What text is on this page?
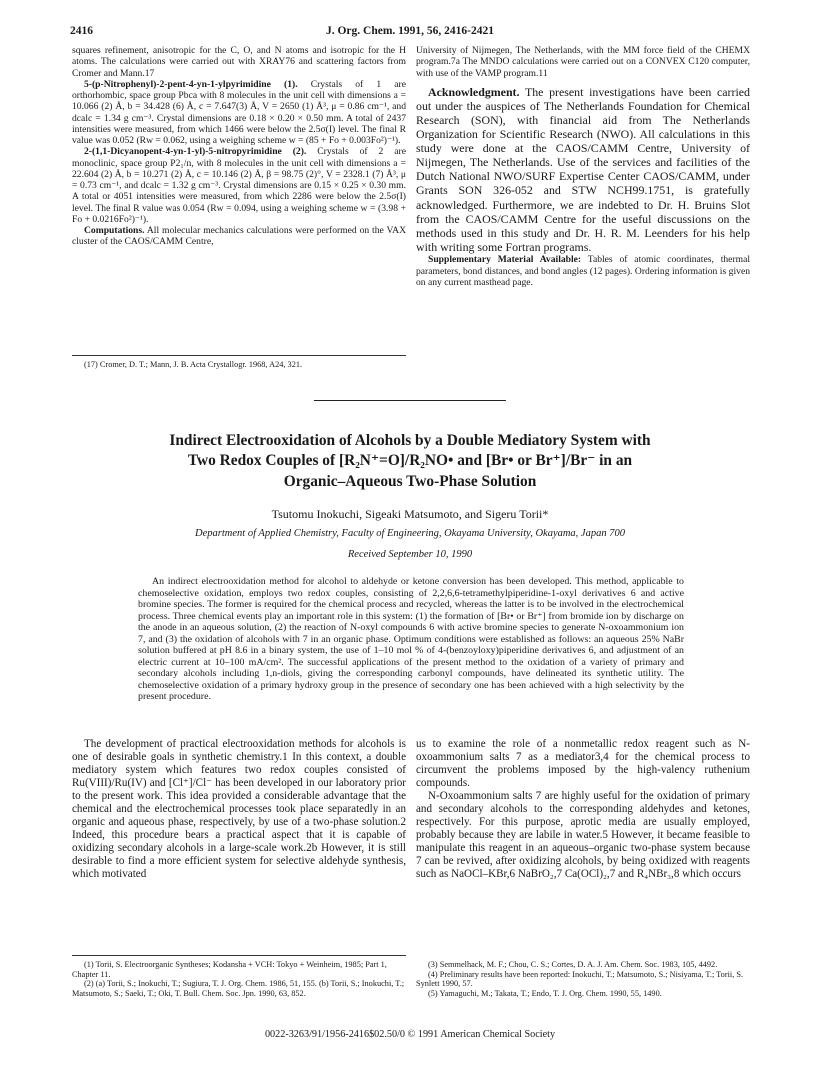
2416	J. Org. Chem. 1991, 56, 2416-2421

squares refinement, anisotropic for the C, O, and N atoms and isotropic for the H atoms. The calculations were carried out with XRAY76 and scattering factors from Cromer and Mann.17

5-(p-Nitrophenyl)-2-pent-4-yn-1-ylpyrimidine (1). Crystals of 1 are orthorhombic, space group Pbca with 8 molecules in the unit cell with dimensions a = 10.066 (2) Å, b = 34.428 (6) Å, c = 7.647(3) Å, V = 2650 (1) Å³, μ = 0.86 cm⁻¹, and dcalc = 1.34 g cm⁻³. Crystal dimensions are 0.18 × 0.20 × 0.50 mm. A total of 2437 intensities were measured, from which 1466 were below the 2.5σ(I) level. The final R value was 0.052 (Rw = 0.062, using a weighing scheme w = (85 + Fo + 0.003Fo²)⁻¹).

2-(1,1-Dicyanopent-4-yn-1-yl)-5-nitropyrimidine (2). Crystals of 2 are monoclinic, space group P2₁/n, with 8 molecules in the unit cell with dimensions a = 22.604 (2) Å, b = 10.271 (2) Å, c = 10.146 (2) Å, β = 98.75 (2)°, V = 2328.1 (7) Å³, μ = 0.73 cm⁻¹, and dcalc = 1.32 g cm⁻³. Crystal dimensions are 0.15 × 0.25 × 0.30 mm. A total or 4051 intensities were measured, from which 2286 were below the 2.5σ(I) level. The final R value was 0.054 (Rw = 0.094, using a weighing scheme w = (3.98 + Fo + 0.0216Fo²)⁻¹).

Computations. All molecular mechanics calculations were performed on the VAX cluster of the CAOS/CAMM Centre,

(17) Cromer, D. T.; Mann, J. B. Acta Crystallogr. 1968, A24, 321.

University of Nijmegen, The Netherlands, with the MM force field of the CHEMX program.7a The MNDO calculations were carried out on a CONVEX C120 computer, with use of the VAMP program.11

Acknowledgment. The present investigations have been carried out under the auspices of The Netherlands Foundation for Chemical Research (SON), with financial aid from The Netherlands Organization for Scientific Research (NWO). All calculations in this study were done at the CAOS/CAMM Centre, University of Nijmegen, The Netherlands. Use of the services and facilities of the Dutch National NWO/SURF Expertise Center CAOS/CAMM, under Grants SON 326-052 and STW NCH99.1751, is gratefully acknowledged. Furthermore, we are indebted to Dr. H. Bruins Slot from the CAOS/CAMM Centre for the useful discussions on the methods used in this study and Dr. H. R. M. Leenders for his help with writing some Fortran programs.

Supplementary Material Available: Tables of atomic coordinates, thermal parameters, bond distances, and bond angles (12 pages). Ordering information is given on any current masthead page.

Indirect Electrooxidation of Alcohols by a Double Mediatory System with
Two Redox Couples of [R₂N⁺=O]/R₂NO• and [Br• or Br⁺]/Br⁻ in an
Organic–Aqueous Two-Phase Solution
Tsutomu Inokuchi, Sigeaki Matsumoto, and Sigeru Torii*
Department of Applied Chemistry, Faculty of Engineering, Okayama University, Okayama, Japan 700
Received September 10, 1990
An indirect electrooxidation method for alcohol to aldehyde or ketone conversion has been developed. This method, applicable to chemoselective oxidation, employs two redox couples, consisting of 2,2,6,6-tetramethylpiperidine-1-oxyl derivatives 6 and active bromine species. The former is required for the chemical process and recycled, whereas the latter is to be involved in the electrochemical process. Three chemical events play an important role in this system: (1) the formation of [Br• or Br⁺] from bromide ion by discharge on the anode in an aqueous solution, (2) the reaction of N-oxyl compounds 6 with active bromine species to generate N-oxoammonium ion 7, and (3) the oxidation of alcohols with 7 in an organic phase. Optimum conditions were established as follows: an aqueous 25% NaBr solution buffered at pH 8.6 in a binary system, the use of 1–10 mol % of 4-(benzoyloxy)piperidine derivatives 6, and adjustment of an electric current at 10–100 mA/cm². The successful applications of the present method to the oxidation of a variety of primary and secondary alcohols including 1,n-diols, giving the corresponding carbonyl compounds, have delineated its synthetic utility. The chemoselective oxidation of a primary hydroxy group in the presence of secondary one has been achieved with a high selectivity by the present procedure.

The development of practical electrooxidation methods for alcohols is one of desirable goals in synthetic chemistry.1 In this context, a double mediatory system which features two redox couples consisted of Ru(VIII)/Ru(IV) and [Cl⁺]/Cl⁻ has been developed in our laboratory prior to the present work. This idea provided a considerable advantage that the chemical and the electrochemical processes took place separatedly in an organic and aqueous phase, respectively, by use of a two-phase solution.2 Indeed, this procedure bears a practical aspect that it is capable of oxidizing secondary alcohols in a large-scale work.2b However, it is still desirable to find a more efficient system for selective aldehyde synthesis, which motivated

us to examine the role of a nonmetallic redox reagent such as N-oxoammonium salts 7 as a mediator3,4 for the chemical process to circumvent the problems imposed by the high-valency ruthenium compounds.

N-Oxoammonium salts 7 are highly useful for the oxidation of primary and secondary alcohols to the corresponding aldehydes and ketones, respectively. For this purpose, aprotic media are usually employed, probably because they are labile in water.5 However, it became feasible to manipulate this reagent in an aqueous–organic two-phase system because 7 can be revived, after oxidizing alcohols, by being oxidized with reagents such as NaOCl–KBr,6 NaBrO₂,7 Ca(OCl)₂,7 and R₄NBr₃,8 which occurs

(1) Torii, S. Electroorganic Syntheses; Kodansha + VCH: Tokyo + Weinheim, 1985; Part 1, Chapter 11.
(2) (a) Torii, S.; Inokuchi, T.; Sugiura, T. J. Org. Chem. 1986, 51, 155. (b) Torii, S.; Inokuchi, T.; Matsumoto, S.; Saeki, T.; Oki, T. Bull. Chem. Soc. Jpn. 1990, 63, 852.
(3) Semmelhack, M. F.; Chou, C. S.; Cortes, D. A. J. Am. Chem. Soc. 1983, 105, 4492.
(4) Preliminary results have been reported: Inokuchi, T.; Matsumoto, S.; Nisiyama, T.; Torii, S. Synlett 1990, 57.
(5) Yamaguchi, M.; Takata, T.; Endo, T. J. Org. Chem. 1990, 55, 1490.
0022-3263/91/1956-2416$02.50/0 © 1991 American Chemical Society
